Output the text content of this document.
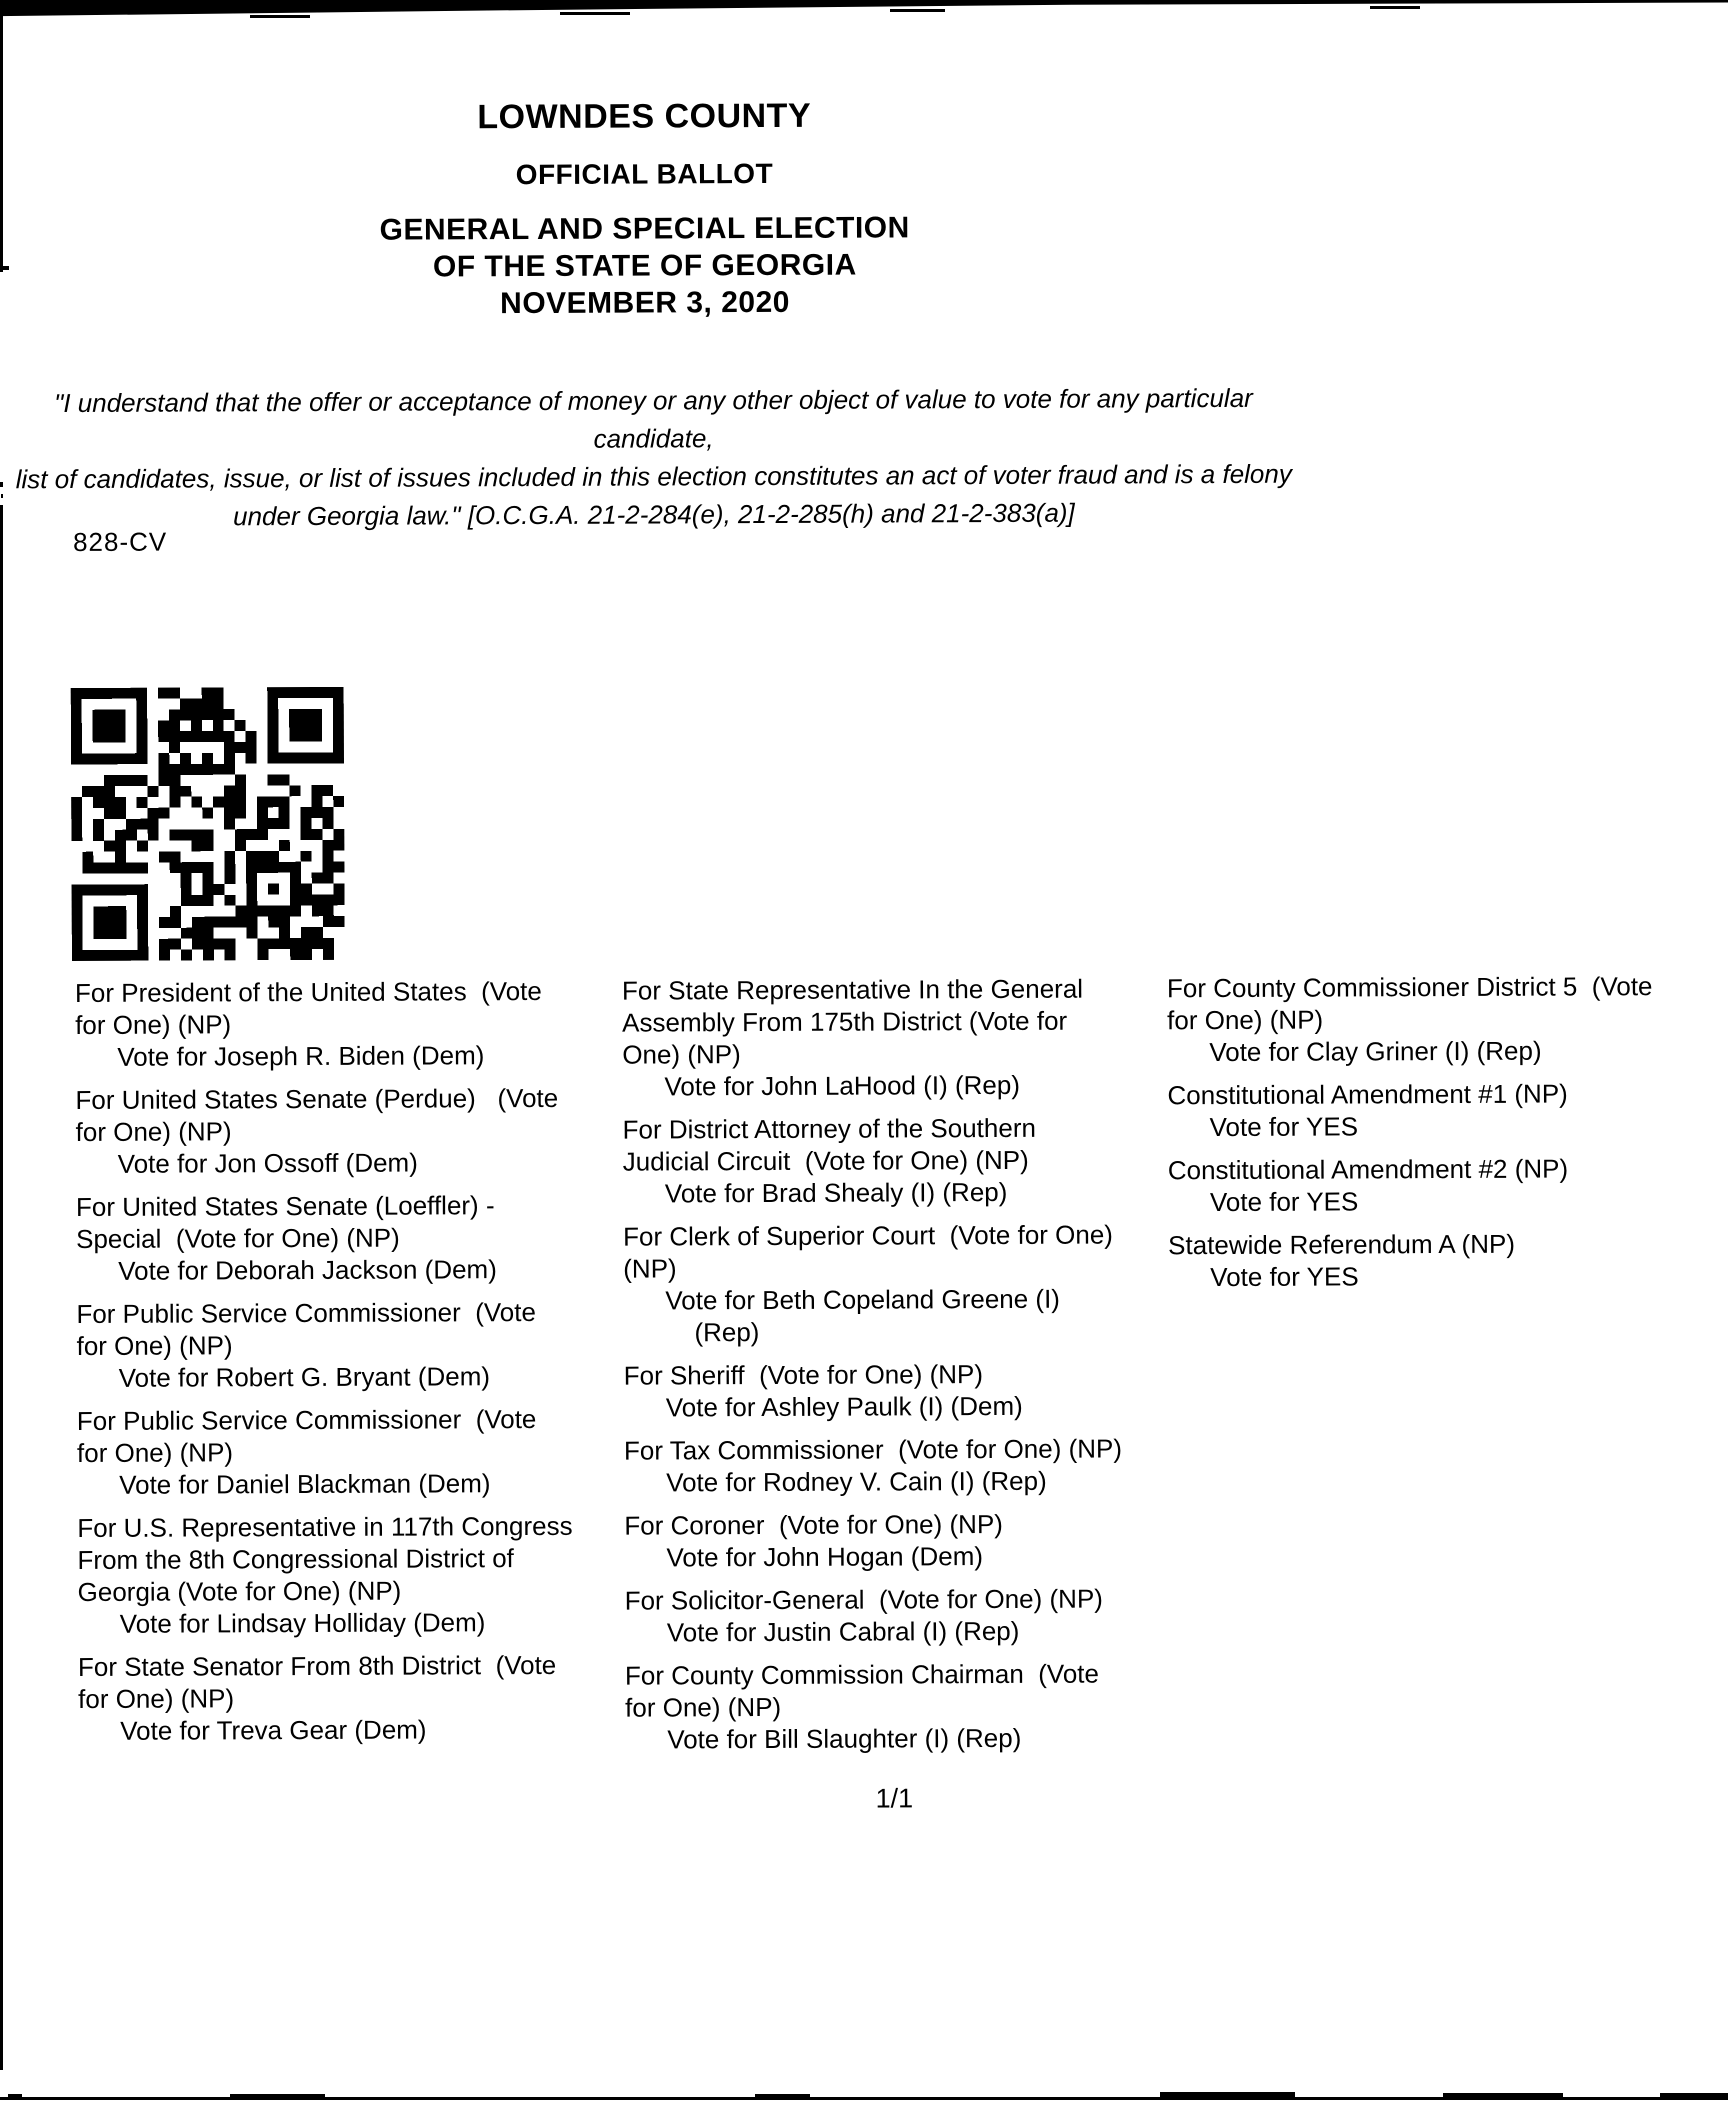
LOWNDES COUNTY
OFFICIAL BALLOT
GENERAL AND SPECIAL ELECTION
OF THE STATE OF GEORGIA
NOVEMBER 3, 2020
"I understand that the offer or acceptance of money or any other object of value to vote for any particular candidate,
list of candidates, issue, or list of issues included in this election constitutes an act of voter fraud and is a felony
under Georgia law." [O.C.G.A. 21-2-284(e), 21-2-285(h) and 21-2-383(a)]
828-CV
For President of the United States  (Vote
for One) (NP)
Vote for Joseph R. Biden (Dem)
For United States Senate (Perdue)   (Vote
for One) (NP)
Vote for Jon Ossoff (Dem)
For United States Senate (Loeffler) -
Special  (Vote for One) (NP)
Vote for Deborah Jackson (Dem)
For Public Service Commissioner  (Vote
for One) (NP)
Vote for Robert G. Bryant (Dem)
For Public Service Commissioner  (Vote
for One) (NP)
Vote for Daniel Blackman (Dem)
For U.S. Representative in 117th Congress
From the 8th Congressional District of
Georgia (Vote for One) (NP)
Vote for Lindsay Holliday (Dem)
For State Senator From 8th District  (Vote
for One) (NP)
Vote for Treva Gear (Dem)
For State Representative In the General
Assembly From 175th District (Vote for
One) (NP)
Vote for John LaHood (I) (Rep)
For District Attorney of the Southern
Judicial Circuit  (Vote for One) (NP)
Vote for Brad Shealy (I) (Rep)
For Clerk of Superior Court  (Vote for One)
(NP)
Vote for Beth Copeland Greene (I)
(Rep)
For Sheriff  (Vote for One) (NP)
Vote for Ashley Paulk (I) (Dem)
For Tax Commissioner  (Vote for One) (NP)
Vote for Rodney V. Cain (I) (Rep)
For Coroner  (Vote for One) (NP)
Vote for John Hogan (Dem)
For Solicitor-General  (Vote for One) (NP)
Vote for Justin Cabral (I) (Rep)
For County Commission Chairman  (Vote
for One) (NP)
Vote for Bill Slaughter (I) (Rep)
For County Commissioner District 5  (Vote
for One) (NP)
Vote for Clay Griner (I) (Rep)
Constitutional Amendment #1 (NP)
Vote for YES
Constitutional Amendment #2 (NP)
Vote for YES
Statewide Referendum A (NP)
Vote for YES
1/1
